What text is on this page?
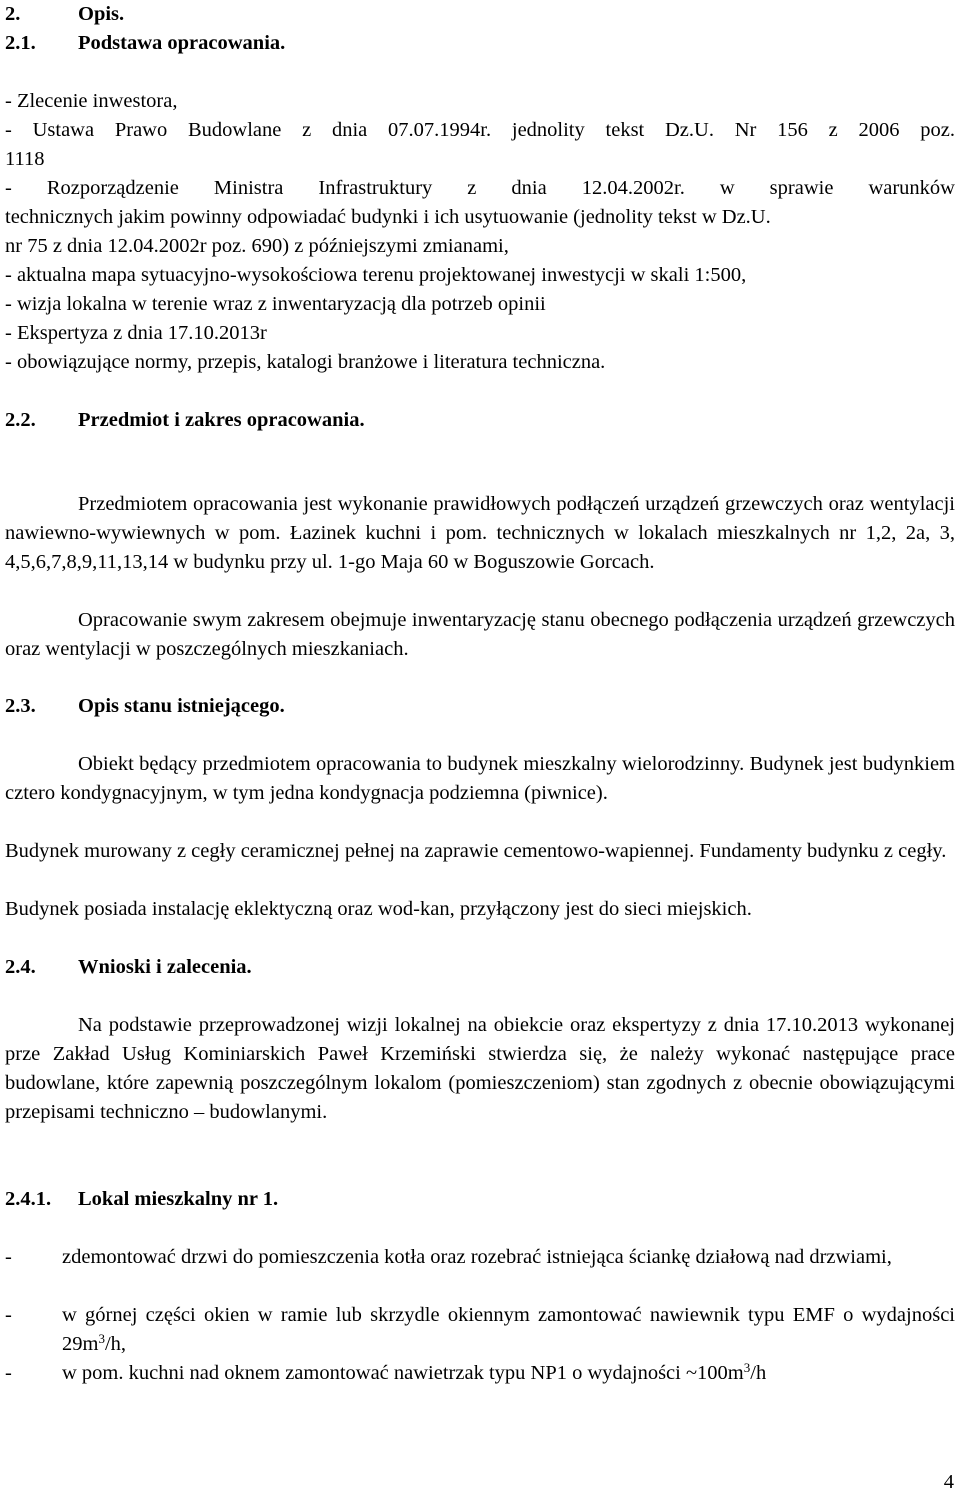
2.	Opis.
2.1. Podstawa opracowania.
- Zlecenie inwestora,
- Ustawa Prawo Budowlane z dnia 07.07.1994r. jednolity tekst Dz.U. Nr 156 z 2006 poz.
1118
- Rozporządzenie Ministra Infrastruktury z dnia 12.04.2002r. w sprawie warunków
technicznych jakim powinny odpowiadać budynki i ich usytuowanie (jednolity tekst w Dz.U.
nr 75 z dnia 12.04.2002r poz. 690) z późniejszymi zmianami,
- aktualna mapa sytuacyjno-wysokościowa terenu projektowanej inwestycji w skali 1:500,
- wizja lokalna w terenie wraz z inwentaryzacją dla potrzeb opinii
- Ekspertyza z dnia 17.10.2013r
- obowiązujące normy, przepis, katalogi branżowe i literatura techniczna.
2.2. Przedmiot i zakres opracowania.
Przedmiotem opracowania jest wykonanie prawidłowych podłączeń urządzeń grzewczych oraz wentylacji nawiewno-wywiewnych w pom. Łazinek kuchni i pom. technicznych w lokalach mieszkalnych nr 1,2, 2a, 3, 4,5,6,7,8,9,11,13,14 w budynku przy ul. 1-go Maja 60 w Boguszowie Gorcach.
Opracowanie swym zakresem obejmuje inwentaryzację stanu obecnego podłączenia urządzeń grzewczych oraz wentylacji w poszczególnych mieszkaniach.
2.3. Opis stanu istniejącego.
Obiekt będący przedmiotem opracowania to budynek mieszkalny wielorodzinny. Budynek jest budynkiem cztero kondygnacyjnym, w tym jedna kondygnacja podziemna (piwnice).
Budynek murowany z cegły ceramicznej pełnej na zaprawie cementowo-wapiennej. Fundamenty budynku z cegły.
Budynek posiada instalację eklektyczną oraz wod-kan, przyłączony jest do sieci miejskich.
2.4. Wnioski i zalecenia.
Na podstawie przeprowadzonej wizji lokalnej na obiekcie oraz ekspertyzy z dnia 17.10.2013 wykonanej prze Zakład Usług Kominiarskich Paweł Krzemiński stwierdza się, że należy wykonać następujące prace budowlane, które zapewnią poszczególnym lokalom (pomieszczeniom) stan zgodnych z obecnie obowiązującymi przepisami techniczno – budowlanymi.
2.4.1. Lokal mieszkalny nr 1.
- zdemontować drzwi do pomieszczenia kotła oraz rozebrać istniejąca ściankę działową nad drzwiami,
- w górnej części okien w ramie lub skrzydle okiennym zamontować nawiewnik typu EMF o wydajności $29m^3/h$,
- w pom. kuchni nad oknem zamontować nawietrzak typu NP1 o wydajności $\sim 100m^3/h$
4
